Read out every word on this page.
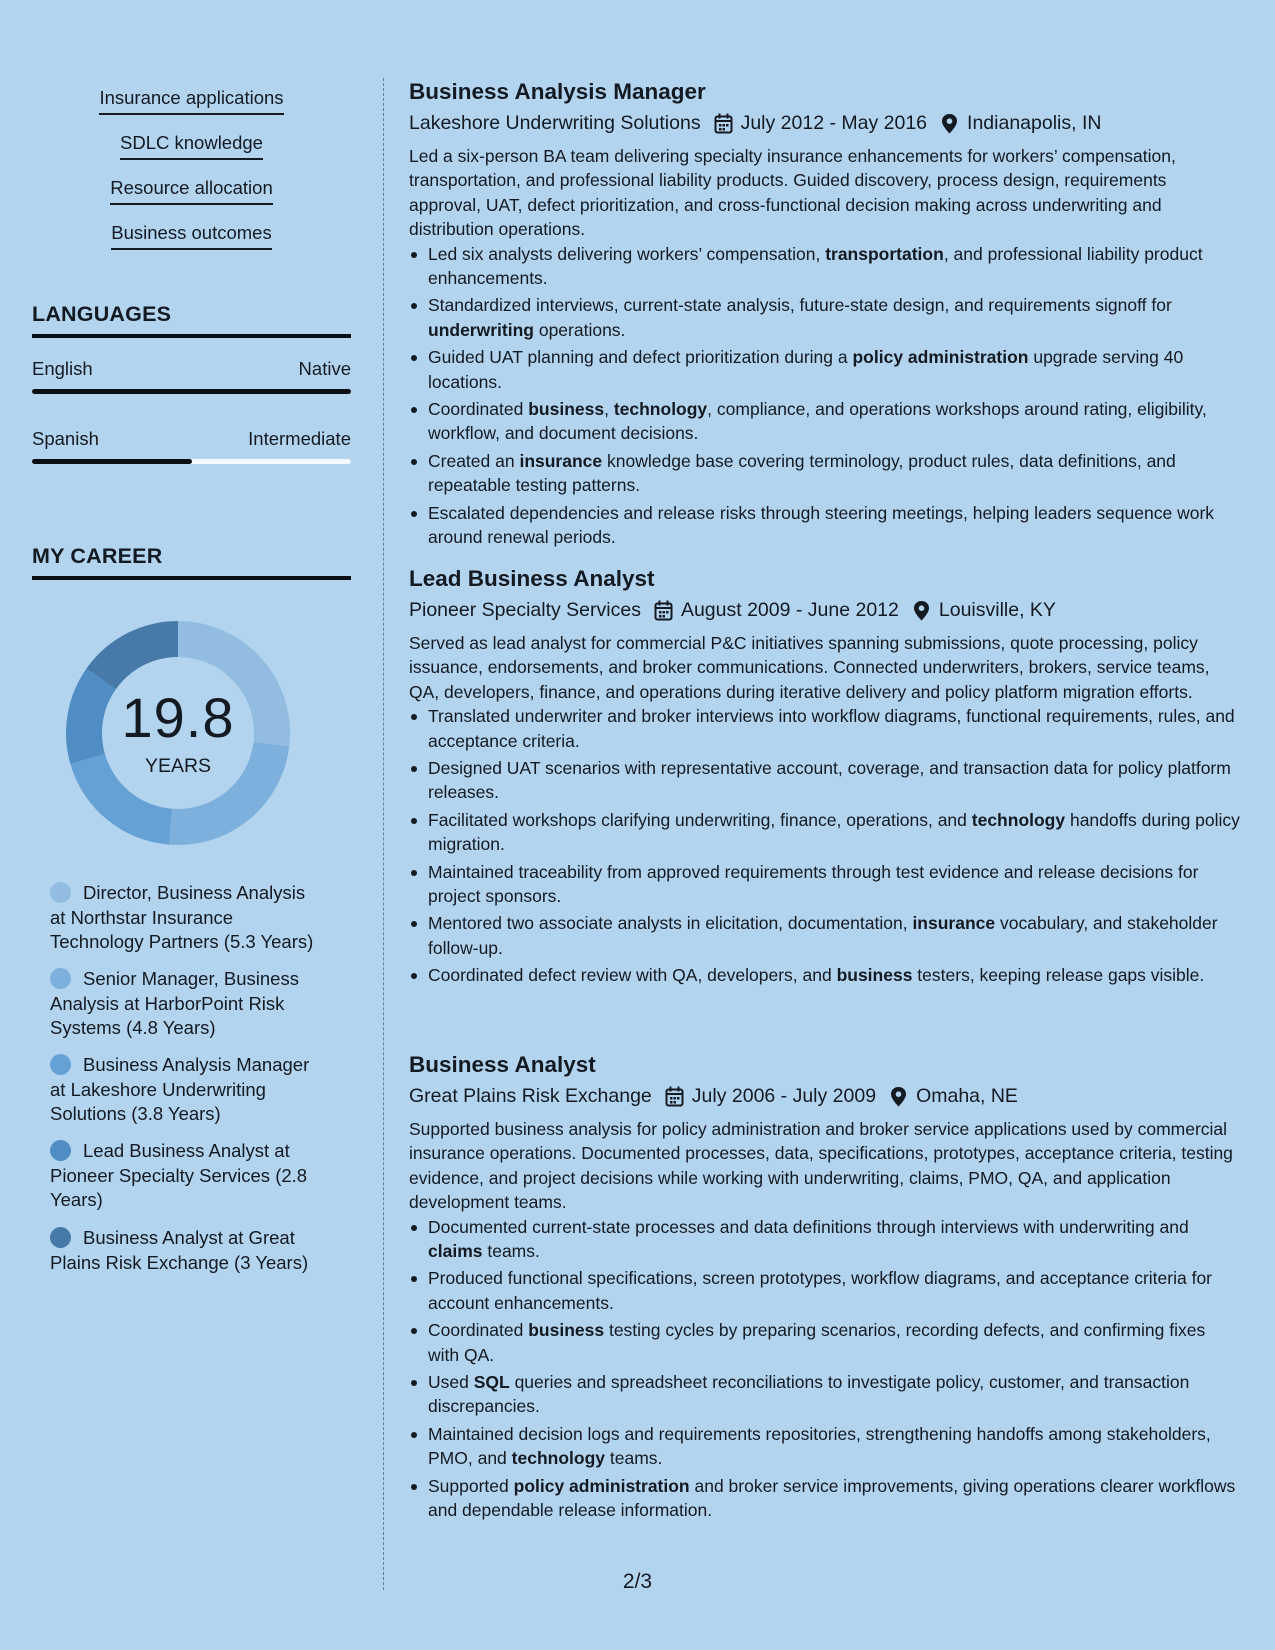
Insurance applications
SDLC knowledge
Resource allocation
Business outcomes
LANGUAGES
English	Native
Spanish	Intermediate
MY CAREER
19.8
YEARS
Director, Business Analysis at Northstar Insurance Technology Partners (5.3 Years)
Senior Manager, Business Analysis at HarborPoint Risk Systems (4.8 Years)
Business Analysis Manager at Lakeshore Underwriting Solutions (3.8 Years)
Lead Business Analyst at Pioneer Specialty Services (2.8 Years)
Business Analyst at Great Plains Risk Exchange (3 Years)
Business Analysis Manager
Lakeshore Underwriting Solutions July 2012 - May 2016 Indianapolis, IN
Led a six-person BA team delivering specialty insurance enhancements for workers’ compensation, transportation, and professional liability products. Guided discovery, process design, requirements approval, UAT, defect prioritization, and cross-functional decision making across underwriting and distribution operations.
Led six analysts delivering workers’ compensation, transportation, and professional liability product enhancements.
Standardized interviews, current-state analysis, future-state design, and requirements signoff for underwriting operations.
Guided UAT planning and defect prioritization during a policy administration upgrade serving 40 locations.
Coordinated business, technology, compliance, and operations workshops around rating, eligibility, workflow, and document decisions.
Created an insurance knowledge base covering terminology, product rules, data definitions, and repeatable testing patterns.
Escalated dependencies and release risks through steering meetings, helping leaders sequence work around renewal periods.
Lead Business Analyst
Pioneer Specialty Services August 2009 - June 2012 Louisville, KY
Served as lead analyst for commercial P&C initiatives spanning submissions, quote processing, policy issuance, endorsements, and broker communications. Connected underwriters, brokers, service teams, QA, developers, finance, and operations during iterative delivery and policy platform migration efforts.
Translated underwriter and broker interviews into workflow diagrams, functional requirements, rules, and acceptance criteria.
Designed UAT scenarios with representative account, coverage, and transaction data for policy platform releases.
Facilitated workshops clarifying underwriting, finance, operations, and technology handoffs during policy migration.
Maintained traceability from approved requirements through test evidence and release decisions for project sponsors.
Mentored two associate analysts in elicitation, documentation, insurance vocabulary, and stakeholder follow-up.
Coordinated defect review with QA, developers, and business testers, keeping release gaps visible.
Business Analyst
Great Plains Risk Exchange July 2006 - July 2009 Omaha, NE
Supported business analysis for policy administration and broker service applications used by commercial insurance operations. Documented processes, data, specifications, prototypes, acceptance criteria, testing evidence, and project decisions while working with underwriting, claims, PMO, QA, and application development teams.
Documented current-state processes and data definitions through interviews with underwriting and claims teams.
Produced functional specifications, screen prototypes, workflow diagrams, and acceptance criteria for account enhancements.
Coordinated business testing cycles by preparing scenarios, recording defects, and confirming fixes with QA.
Used SQL queries and spreadsheet reconciliations to investigate policy, customer, and transaction discrepancies.
Maintained decision logs and requirements repositories, strengthening handoffs among stakeholders, PMO, and technology teams.
Supported policy administration and broker service improvements, giving operations clearer workflows and dependable release information.
2/3
